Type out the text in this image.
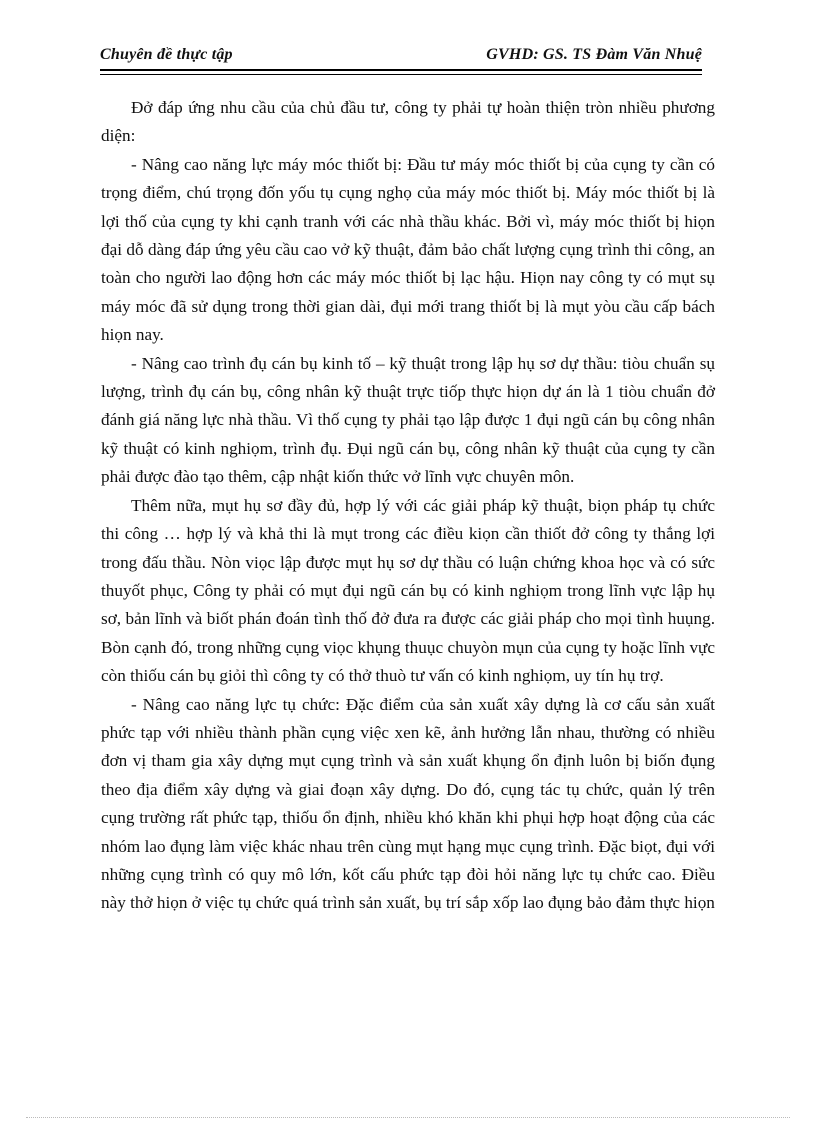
Chuyên đề thực tập	GVHD: GS. TS Đàm Văn Nhuệ

Đở đáp ứng nhu cầu của chủ đầu tư, công ty phải tự hoàn thiện tròn nhiều phương diện:

- Nâng cao năng lực máy móc thiốt bị: Đầu tư máy móc thiốt bị của cụng ty cần có trọng điểm, chú trọng đốn yốu tụ cụng nghọ của máy móc thiốt bị. Máy móc thiốt bị là lợi thố của cụng ty khi cạnh tranh với các nhà thầu khác. Bởi vì, máy móc thiốt bị hiọn đại dỗ dàng đáp ứng yêu cầu cao vở kỹ thuật, đảm bảo chất lượng cụng trình thi công, an toàn cho người lao động hơn các máy móc thiốt bị lạc hậu. Hiọn nay công ty có mụt sụ máy móc đã sử dụng trong thời gian dài, đụi mới trang thiốt bị là mụt yòu cầu cấp bách hiọn nay.

- Nâng cao trình đụ cán bụ kinh tố – kỹ thuật trong lập hụ sơ dự thầu: tiòu chuẩn sụ lượng, trình đụ cán bụ, công nhân kỹ thuật trực tiốp thực hiọn dự án là 1 tiòu chuẩn đở đánh giá năng lực nhà thầu. Vì thố cụng ty phải tạo lập được 1 đụi ngũ cán bụ công nhân kỹ thuật có kinh nghiọm, trình đụ. Đụi ngũ cán bụ, công nhân kỹ thuật của cụng ty cần phải được đào tạo thêm, cập nhật kiốn thức vở lĩnh vực chuyên môn.

Thêm nữa, mụt hụ sơ đầy đủ, hợp lý với các giải pháp kỹ thuật, biọn pháp tụ chức thi công … hợp lý và khả thi là mụt trong các điều kiọn cần thiốt đở công ty thắng lợi trong đấu thầu. Nòn viọc lập được mụt hụ sơ dự thầu có luận chứng khoa học và có sức thuyốt phục, Công ty phải có mụt đụi ngũ cán bụ có kinh nghiọm trong lĩnh vực lập hụ sơ, bản lĩnh và biốt phán đoán tình thố đở đưa ra được các giải pháp cho mọi tình huụng. Bòn cạnh đó, trong những cụng viọc khụng thuục chuyòn mụn của cụng ty hoặc lĩnh vực còn thiốu cán bụ giỏi thì công ty có thở thuò tư vấn có kinh nghiọm, uy tín hụ trợ.

- Nâng cao năng lực tụ chức: Đặc điểm của sản xuất xây dựng là cơ cấu sản xuất phức tạp với nhiều thành phần cụng việc xen kẽ, ảnh hưởng lẫn nhau, thường có nhiều đơn vị tham gia xây dựng mụt cụng trình và sản xuất khụng ổn định luôn bị biốn đụng theo địa điểm xây dựng và giai đoạn xây dựng. Do đó, cụng tác tụ chức, quản lý trên cụng trường rất phức tạp, thiốu ổn định, nhiều khó khăn khi phụi hợp hoạt động của các nhóm lao đụng làm việc khác nhau trên cùng mụt hạng mục cụng trình. Đặc biọt, đụi với những cụng trình có quy mô lớn, kốt cấu phức tạp đòi hỏi năng lực tụ chức cao. Điều này thở hiọn ở việc tụ chức quá trình sản xuất, bụ trí sắp xốp lao đụng bảo đảm thực hiọn
